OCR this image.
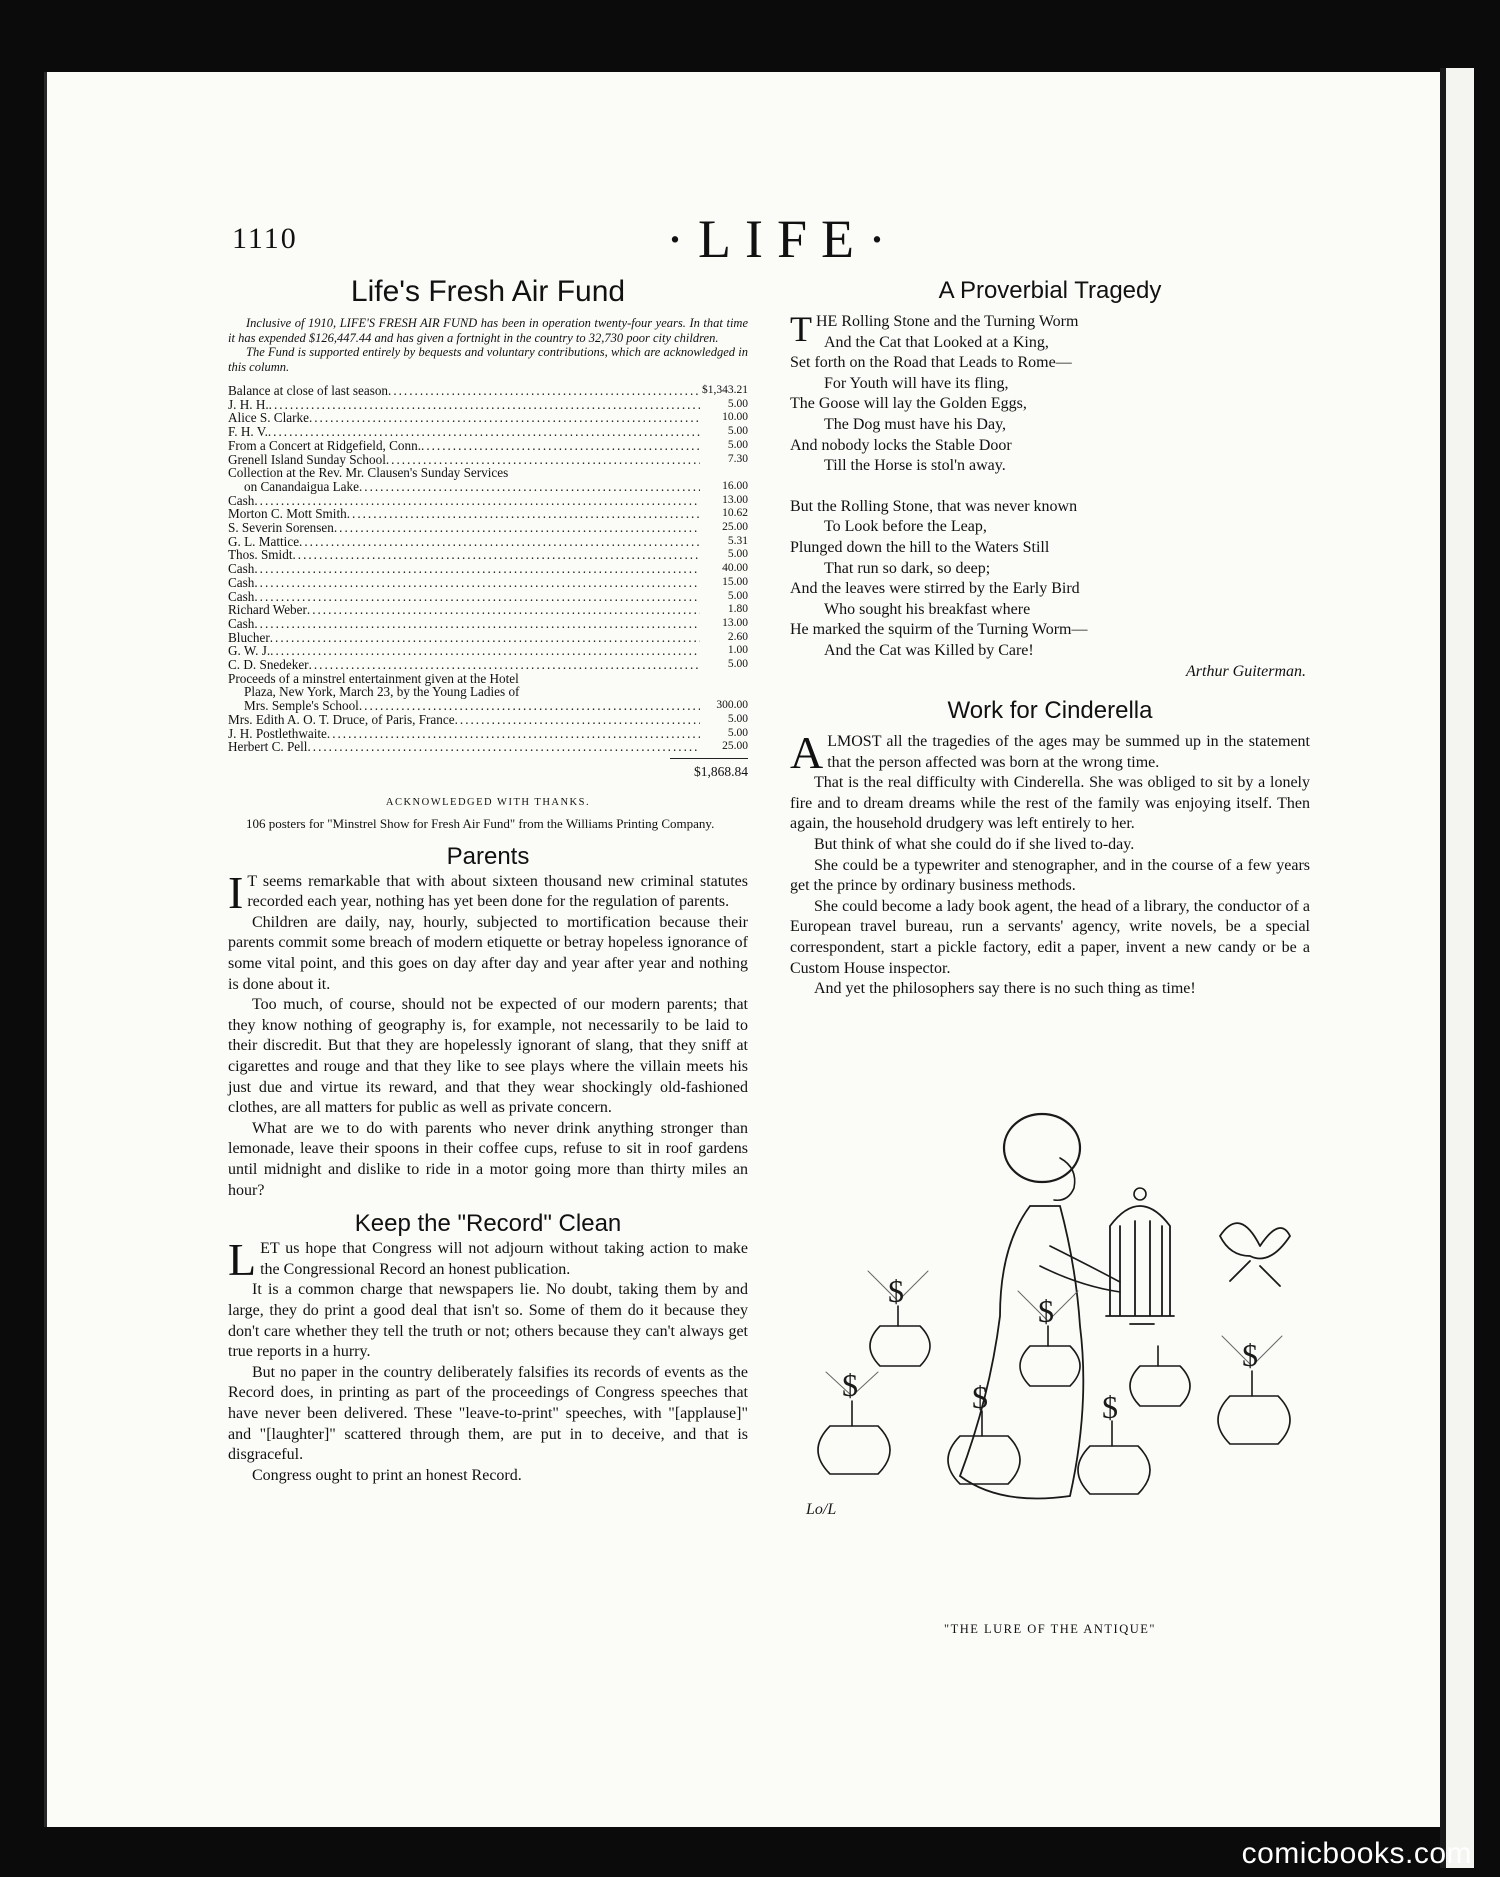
1110	·LIFE·
Life's Fresh Air Fund

Inclusive of 1910, LIFE'S FRESH AIR FUND has been in operation twenty-four years. In that time it has expended $126,447.44 and has given a fortnight in the country to 32,730 poor city children.

The Fund is supported entirely by bequests and voluntary contributions, which are acknowledged in this column.

Balance at close of last season .....	$1,343.21
J. H. H. .....	5.00
Alice S. Clarke .....	10.00
F. H. V. .....	5.00
From a Concert at Ridgefield, Conn. .....	5.00
Grenell Island Sunday School .....	7.30
Collection at the Rev. Mr. Clausen's Sunday Services
on Canandaigua Lake .....	16.00
Cash .....	13.00
Morton C. Mott Smith .....	10.62
S. Severin Sorensen .....	25.00
G. L. Mattice .....	5.31
Thos. Smidt .....	5.00
Cash .....	40.00
Cash .....	15.00
Cash .....	5.00
Richard Weber .....	1.80
Cash .....	13.00
Blucher .....	2.60
G. W. J. .....	1.00
C. D. Snedeker .....	5.00
Proceeds of a minstrel entertainment given at the Hotel
Plaza, New York, March 23, by the Young Ladies of
Mrs. Semple's School .....	300.00
Mrs. Edith A. O. T. Druce, of Paris, France .....	5.00
J. H. Postlethwaite .....	5.00
Herbert C. Pell .....	25.00
$1,868.84
ACKNOWLEDGED WITH THANKS.
106 posters for "Minstrel Show for Fresh Air Fund" from the Williams Printing Company.
Parents

I T seems remarkable that with about sixteen thousand new criminal statutes recorded each year, nothing has yet been done for the regulation of parents.

Children are daily, nay, hourly, subjected to mortification because their parents commit some breach of modern etiquette or betray hopeless ignorance of some vital point, and this goes on day after day and year after year and nothing is done about it.

Too much, of course, should not be expected of our modern parents; that they know nothing of geography is, for example, not necessarily to be laid to their discredit. But that they are hopelessly ignorant of slang, that they sniff at cigarettes and rouge and that they like to see plays where the villain meets his just due and virtue its reward, and that they wear shockingly old-fashioned clothes, are all matters for public as well as private concern.

What are we to do with parents who never drink anything stronger than lemonade, leave their spoons in their coffee cups, refuse to sit in roof gardens until midnight and dislike to ride in a motor going more than thirty miles an hour?

Keep the "Record" Clean

LET us hope that Congress will not adjourn without taking action to make the Congressional Record an honest publication.

It is a common charge that newspapers lie. No doubt, taking them by and large, they do print a good deal that isn't so. Some of them do it because they don't care whether they tell the truth or not; others because they can't always get true reports in a hurry.

But no paper in the country deliberately falsifies its records of events as the Record does, in printing as part of the proceedings of Congress speeches that have never been delivered. These "leave-to-print" speeches, with "[applause]" and "[laughter]" scattered through them, are put in to deceive, and that is disgraceful.

Congress ought to print an honest Record.

A Proverbial Tragedy
THE Rolling Stone and the Turning Worm
And the Cat that Looked at a King,
Set forth on the Road that Leads to Rome—
For Youth will have its fling,
The Goose will lay the Golden Eggs,
The Dog must have his Day,
And nobody locks the Stable Door
Till the Horse is stol'n away.
But the Rolling Stone, that was never known
To Look before the Leap,
Plunged down the hill to the Waters Still
That run so dark, so deep;
And the leaves were stirred by the Early Bird
Who sought his breakfast where
He marked the squirm of the Turning Worm—
And the Cat was Killed by Care!
Arthur Guiterman.
Work for Cinderella

ALMOST all the tragedies of the ages may be summed up in the statement that the person affected was born at the wrong time.

That is the real difficulty with Cinderella. She was obliged to sit by a lonely fire and to dream dreams while the rest of the family was enjoying itself. Then again, the household drudgery was left entirely to her.

But think of what she could do if she lived to-day.

She could be a typewriter and stenographer, and in the course of a few years get the prince by ordinary business methods.

She could become a lady book agent, the head of a library, the conductor of a European travel bureau, run a servants' agency, write novels, be a special correspondent, start a pickle factory, edit a paper, invent a new candy or be a Custom House inspector.

And yet the philosophers say there is no such thing as time!

$
$
$
$	$	$
Lo/L
"THE LURE OF THE ANTIQUE"
comicbooks.com
